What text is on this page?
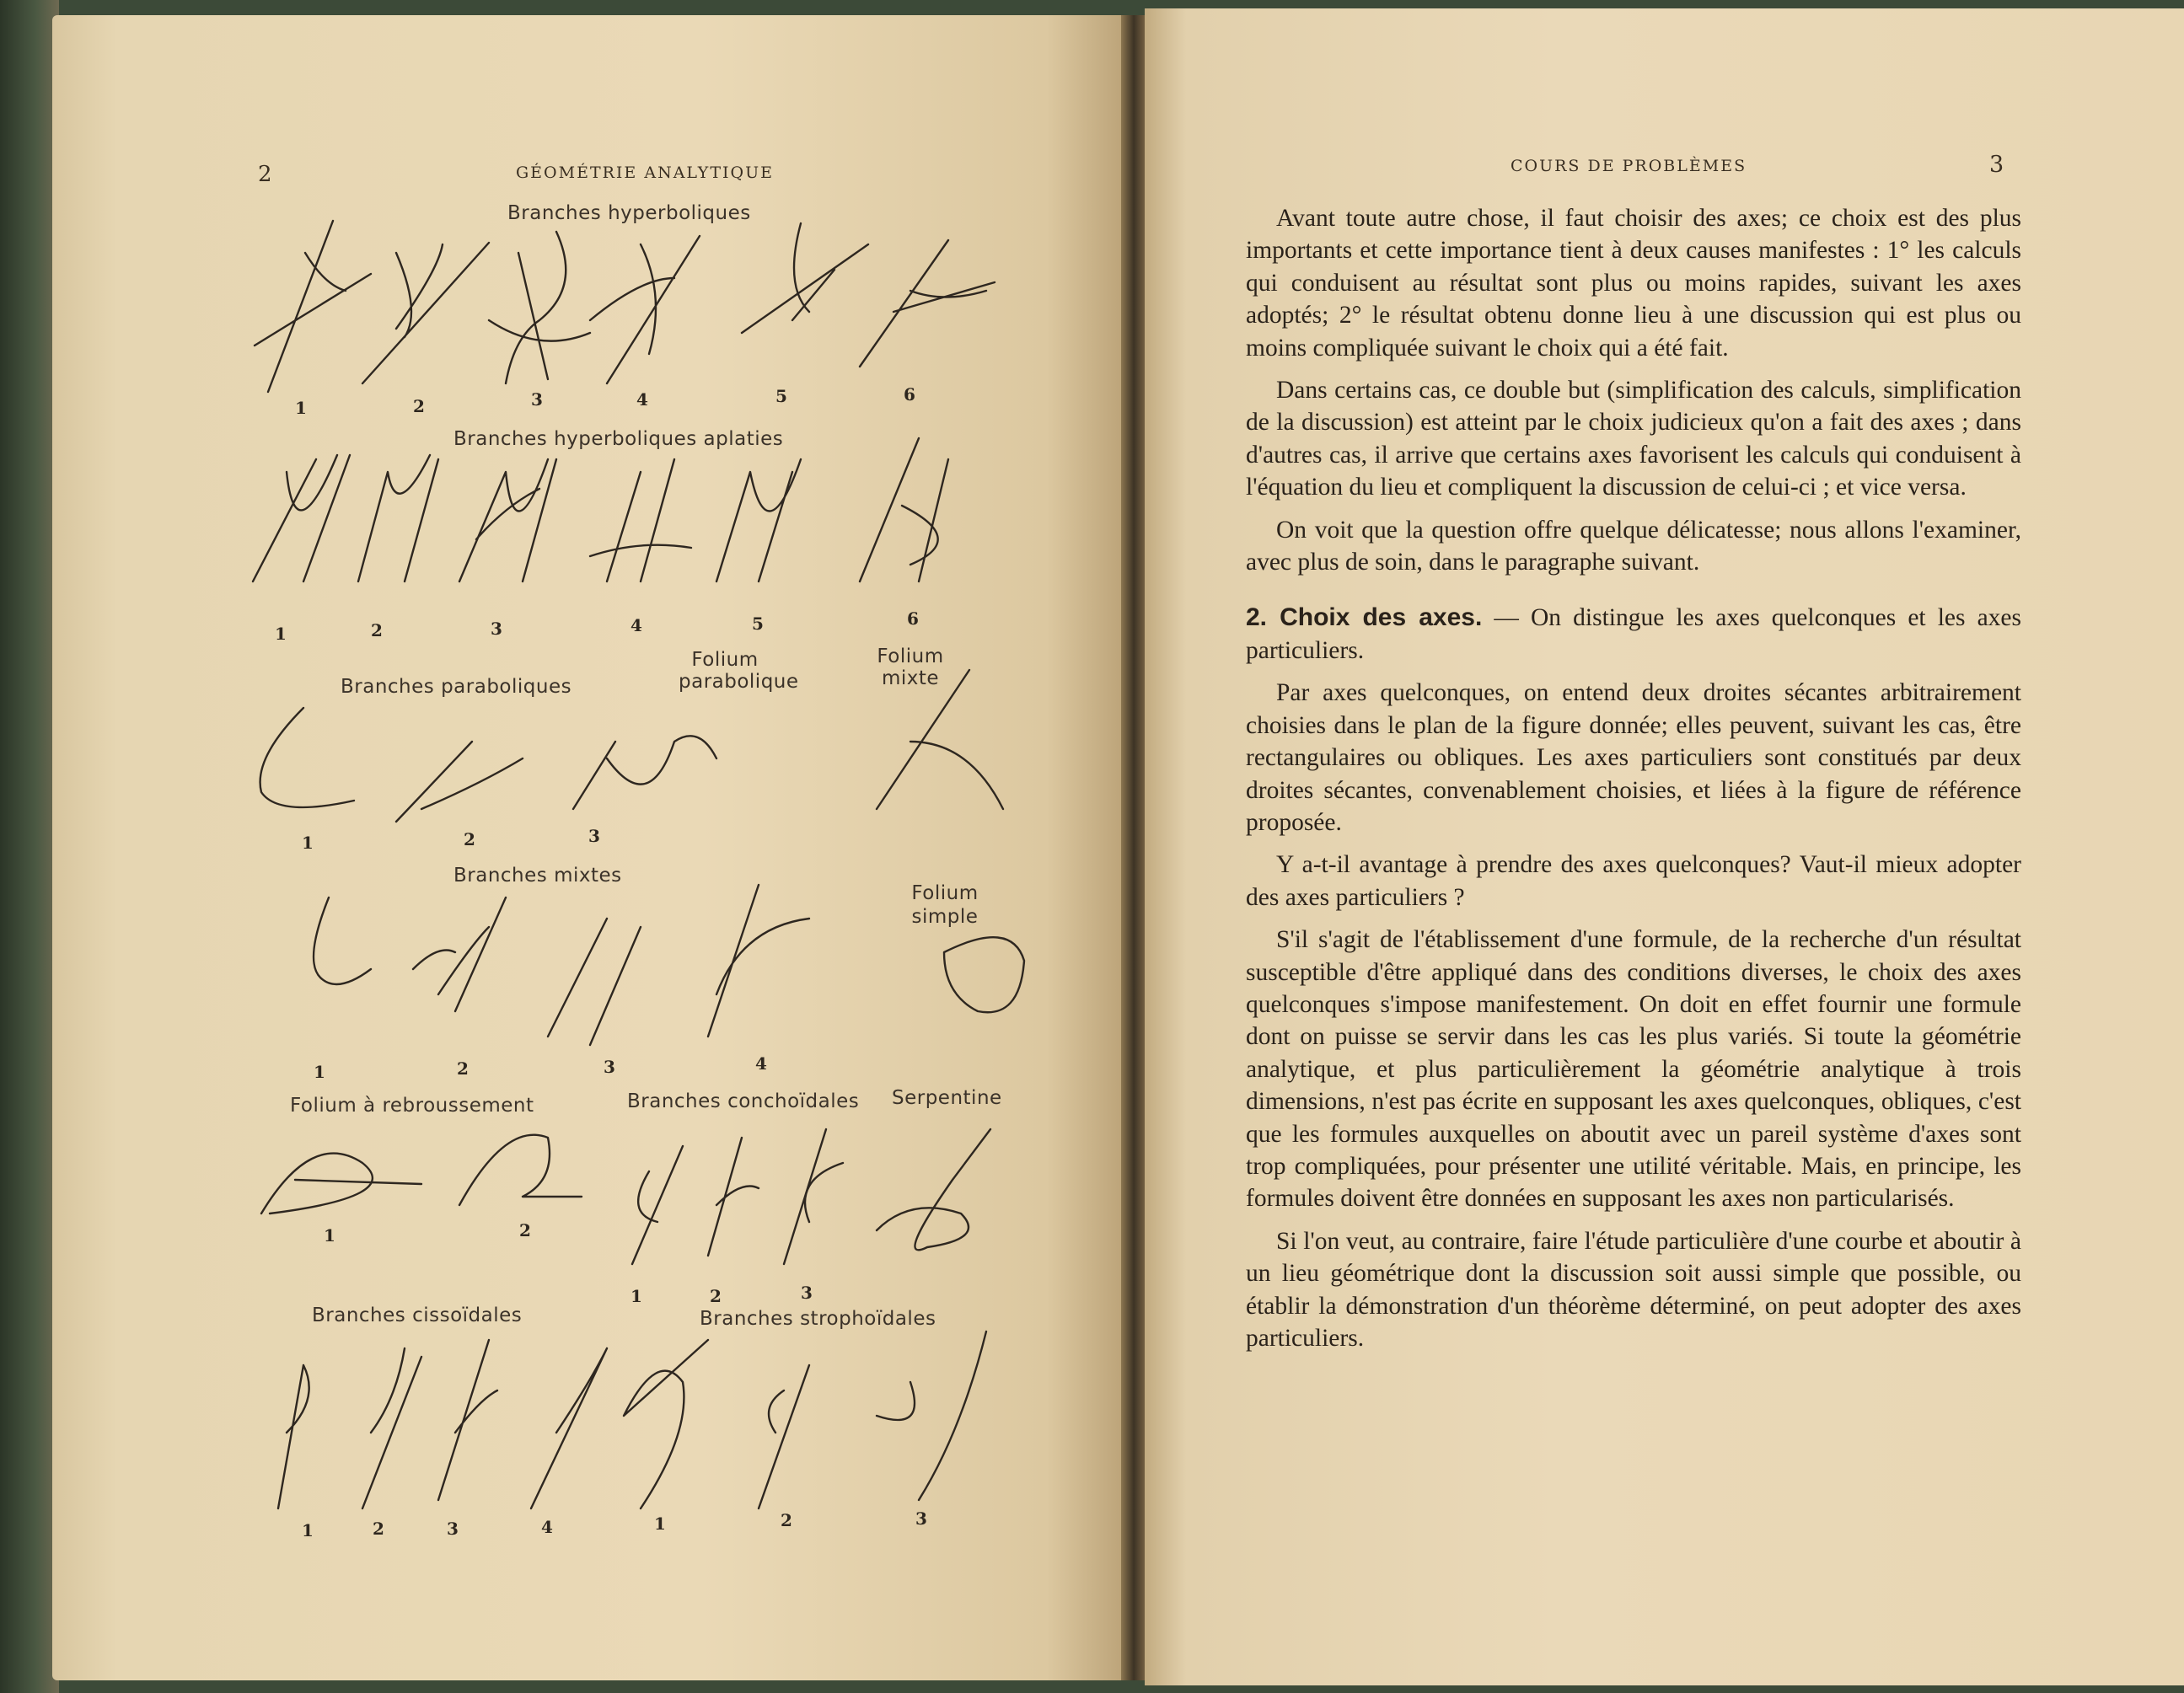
2	GÉOMÉTRIE ANALYTIQUE
Branches hyperboliques
Branches hyperboliques aplaties
Branches paraboliques
Folium parabolique
Folium mixte
Branches mixtes
Folium simple
Folium à rebroussement	Branches conchoïdales Serpentine
Branches cissoïdales	Branches strophoïdales
1	2	3	4	5	6
1	2	3	4	5	6
1	2	3
1	2	3	4
1	2
1	2	3
1	2	3	4	1	2	3
COURS DE PROBLÈMES	3

Avant toute autre chose, il faut choisir des axes; ce choix est des plus importants et cette importance tient à deux causes manifestes : 1° les calculs qui conduisent au résultat sont plus ou moins rapides, suivant les axes adoptés; 2° le résultat obtenu donne lieu à une discussion qui est plus ou moins compliquée suivant le choix qui a été fait.

Dans certains cas, ce double but (simplification des calculs, simplification de la discussion) est atteint par le choix judicieux qu'on a fait des axes ; dans d'autres cas, il arrive que certains axes favorisent les calculs qui conduisent à l'équation du lieu et compliquent la discussion de celui-ci ; et vice versa.

On voit que la question offre quelque délicatesse; nous allons l'examiner, avec plus de soin, dans le paragraphe suivant.

2. Choix des axes. — On distingue les axes quelconques et les axes particuliers.

Par axes quelconques, on entend deux droites sécantes arbitrairement choisies dans le plan de la figure donnée; elles peuvent, suivant les cas, être rectangulaires ou obliques. Les axes particuliers sont constitués par deux droites sécantes, convenablement choisies, et liées à la figure de référence proposée.

Y a-t-il avantage à prendre des axes quelconques? Vaut-il mieux adopter des axes particuliers ?

S'il s'agit de l'établissement d'une formule, de la recherche d'un résultat susceptible d'être appliqué dans des conditions diverses, le choix des axes quelconques s'impose manifestement. On doit en effet fournir une formule dont on puisse se servir dans les cas les plus variés. Si toute la géométrie analytique, et plus particulièrement la géométrie analytique à trois dimensions, n'est pas écrite en supposant les axes quelconques, obliques, c'est que les formules auxquelles on aboutit avec un pareil système d'axes sont trop compliquées, pour présenter une utilité véritable. Mais, en principe, les formules doivent être données en supposant les axes non particularisés.

Si l'on veut, au contraire, faire l'étude particulière d'une courbe et aboutir à un lieu géométrique dont la discussion soit aussi simple que possible, ou établir la démonstration d'un théorème déterminé, on peut adopter des axes particuliers.
